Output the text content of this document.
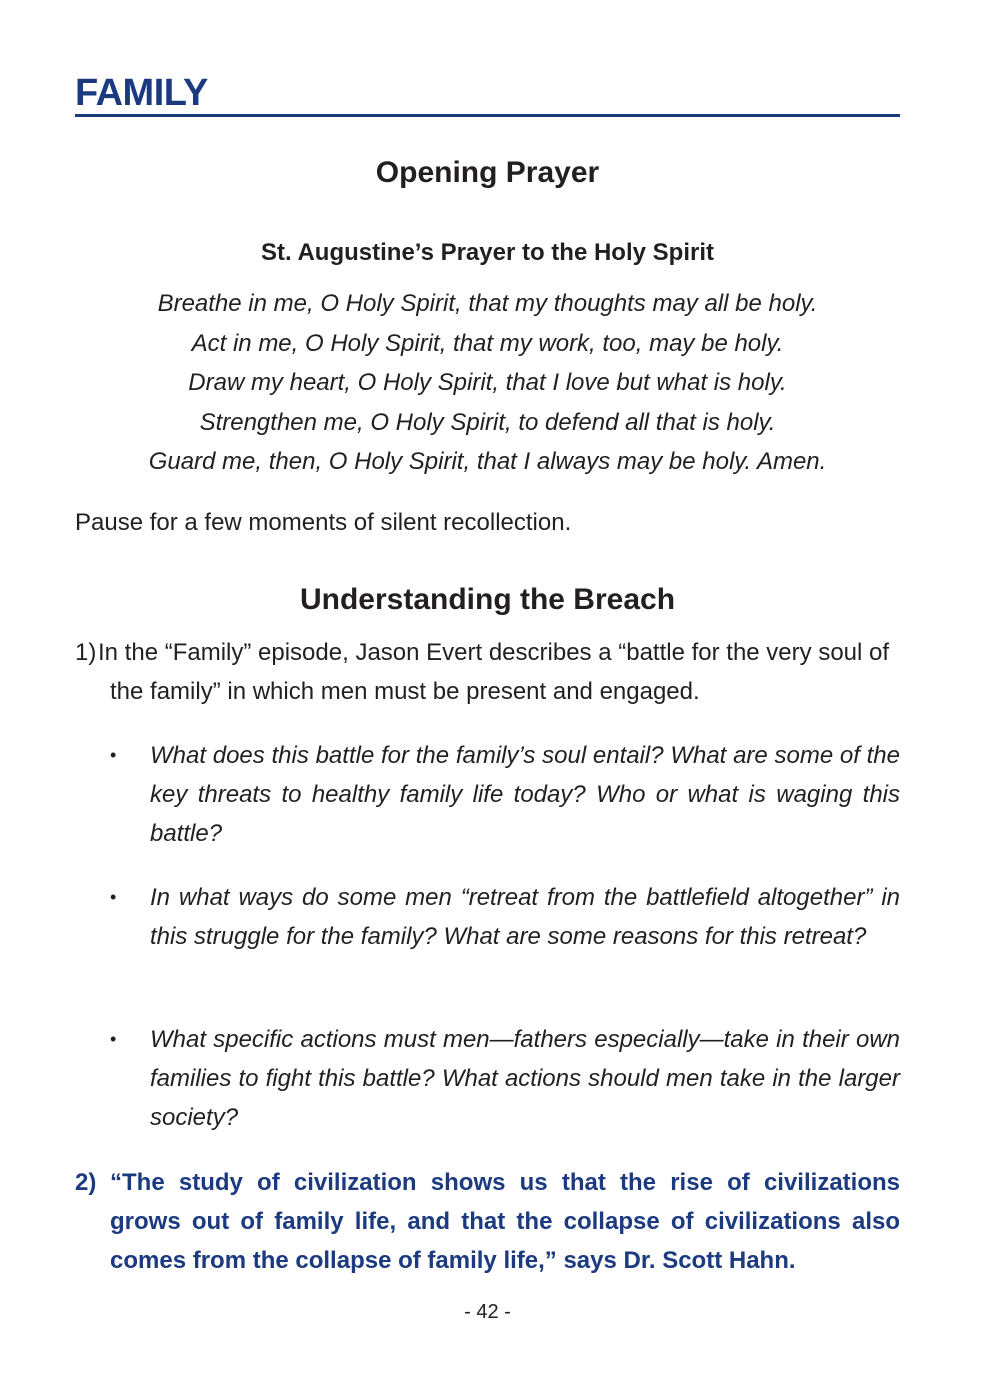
FAMILY
Opening Prayer
St. Augustine’s Prayer to the Holy Spirit
Breathe in me, O Holy Spirit, that my thoughts may all be holy.
Act in me, O Holy Spirit, that my work, too, may be holy.
Draw my heart, O Holy Spirit, that I love but what is holy.
Strengthen me, O Holy Spirit, to defend all that is holy.
Guard me, then, O Holy Spirit, that I always may be holy. Amen.

Pause for a few moments of silent recollection.

Understanding the Breach
1) In the “Family” episode, Jason Evert describes a “battle for the very soul of the family” in which men must be present and engaged.
• What does this battle for the family’s soul entail? What are some of the key threats to healthy family life today? Who or what is waging this battle?
• In what ways do some men “retreat from the battlefield altogether” in this struggle for the family? What are some reasons for this retreat?
• What specific actions must men—fathers especially—take in their own families to fight this battle? What actions should men take in the larger society?
2) “The study of civilization shows us that the rise of civilizations grows out of family life, and that the collapse of civilizations also comes from the collapse of family life,” says Dr. Scott Hahn.

- 42 -
